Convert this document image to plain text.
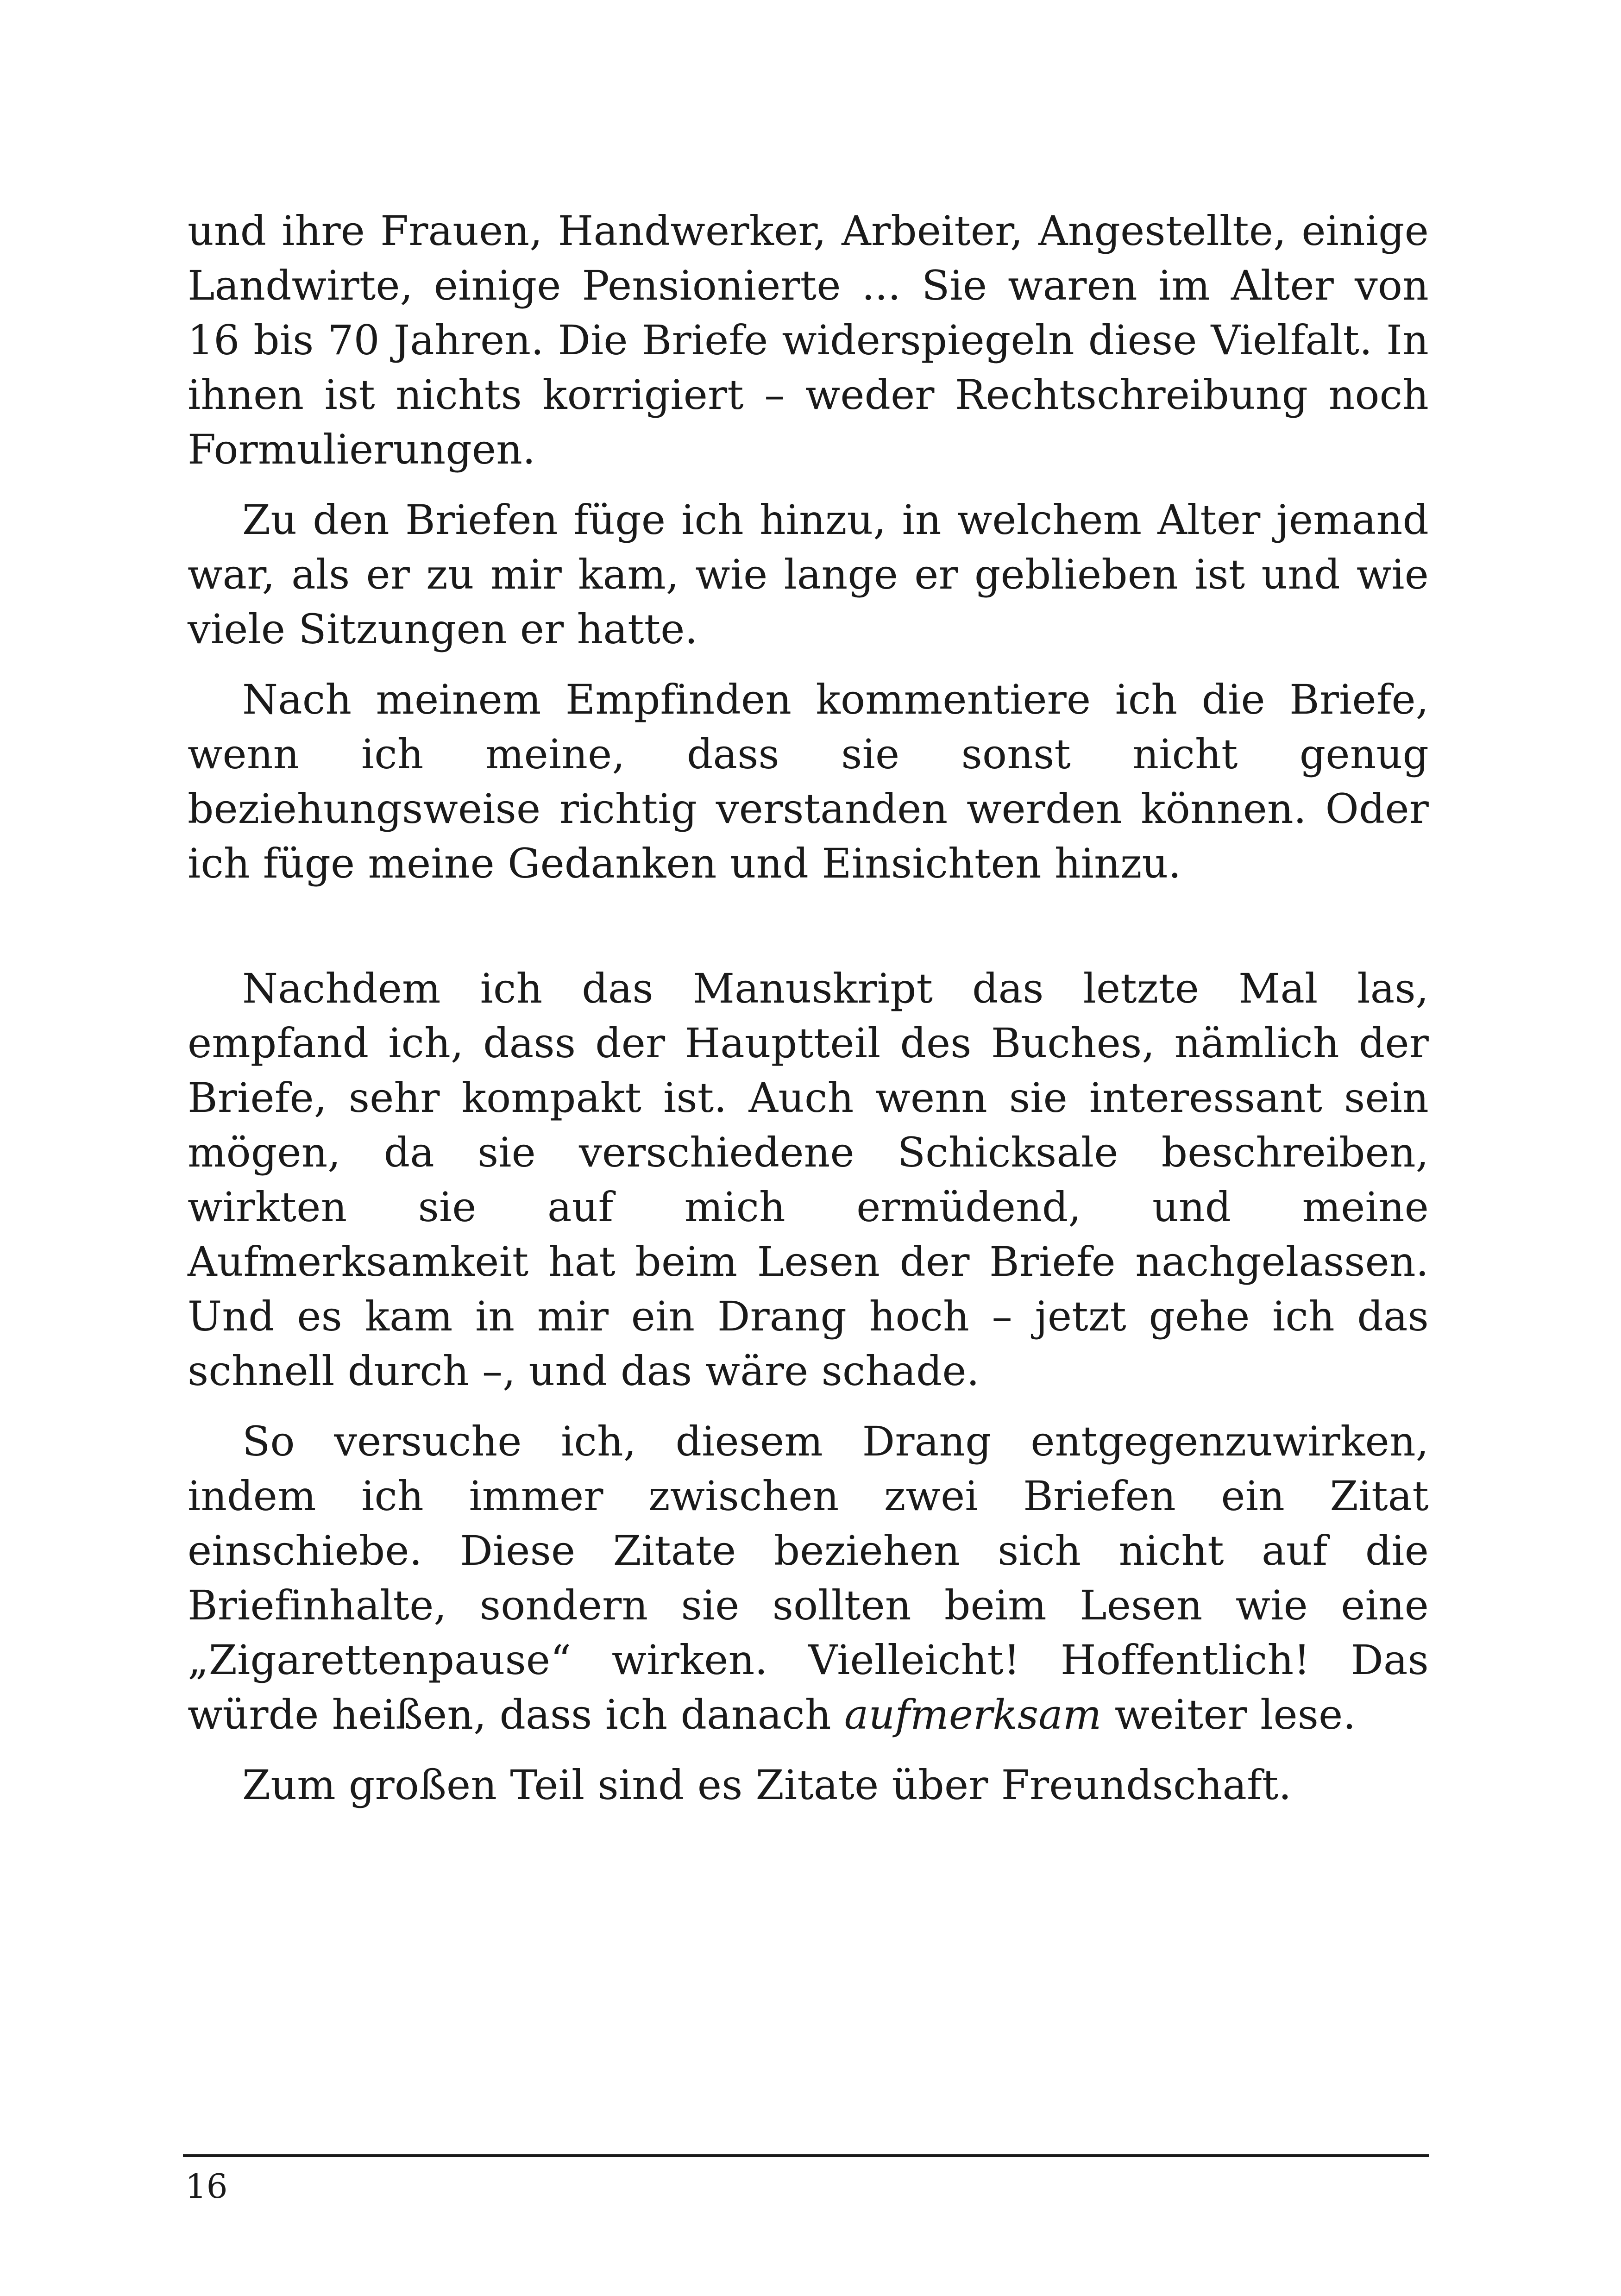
und ihre Frauen, Handwerker, Arbeiter, Angestellte, einige Landwirte, einige Pensionierte ... Sie waren im Alter von 16 bis 70 Jahren. Die Briefe widerspiegeln diese Vielfalt. In ihnen ist nichts korrigiert – weder Rechtschreibung noch Formulierungen.

Zu den Briefen füge ich hinzu, in welchem Alter jemand war, als er zu mir kam, wie lange er geblieben ist und wie viele Sitzungen er hatte.

Nach meinem Empfinden kommentiere ich die Briefe, wenn ich meine, dass sie sonst nicht genug beziehungsweise richtig verstanden werden können. Oder ich füge meine Gedanken und Einsichten hinzu.

Nachdem ich das Manuskript das letzte Mal las, empfand ich, dass der Hauptteil des Buches, nämlich der Briefe, sehr kompakt ist. Auch wenn sie interessant sein mögen, da sie verschiedene Schicksale beschreiben, wirkten sie auf mich ermüdend, und meine Aufmerksamkeit hat beim Lesen der Briefe nachgelassen. Und es kam in mir ein Drang hoch – jetzt gehe ich das schnell durch –, und das wäre schade.

So versuche ich, diesem Drang entgegenzuwirken, indem ich immer zwischen zwei Briefen ein Zitat einschiebe. Diese Zitate beziehen sich nicht auf die Briefinhalte, sondern sie sollten beim Lesen wie eine „Zigarettenpause“ wirken. Vielleicht! Hoffentlich! Das würde heißen, dass ich danach aufmerksam weiter lese.

Zum großen Teil sind es Zitate über Freundschaft.

16
